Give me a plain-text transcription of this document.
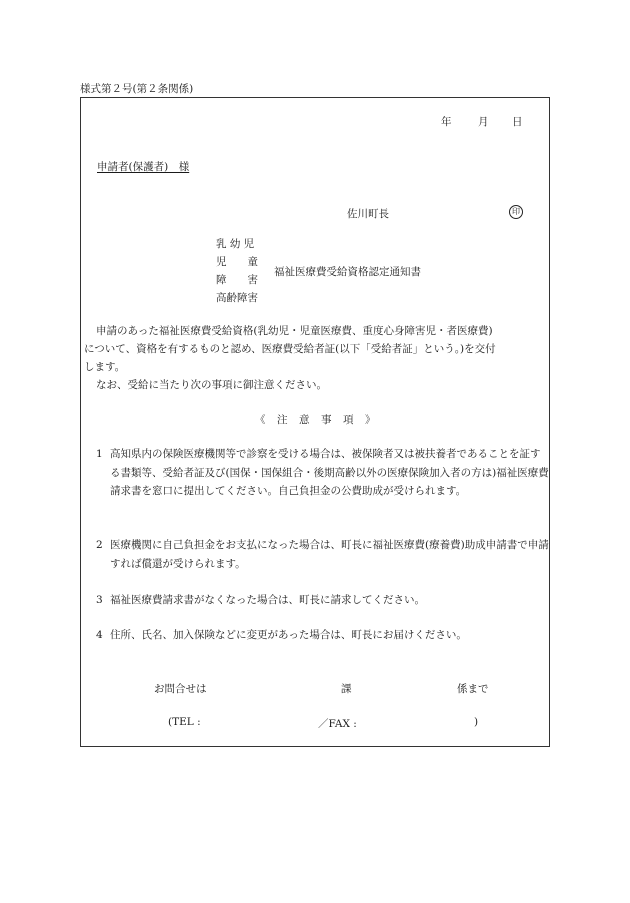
様式第２号(第２条関係)
年	月 日
申請者(保護者)　様
佐川町長	印
乳 幼 児
児　　童
障　　害
高齢障害
福祉医療費受給資格認定通知書
申請のあった福祉医療費受給資格(乳幼児・児童医療費、重度心身障害児・者医療費)
について、資格を有するものと認め、医療費受給者証(以下「受給者証」という。)を交付
します。
なお、受給に当たり次の事項に御注意ください。
《　注　意　事　項　》
1 高知県内の保険医療機関等で診察を受ける場合は、被保険者又は被扶養者であることを証する書類等、受給者証及び(国保・国保組合・後期高齢以外の医療保険加入者の方は)福祉医療費請求書を窓口に提出してください。自己負担金の公費助成が受けられます。
2 医療機関に自己負担金をお支払になった場合は、町長に福祉医療費(療養費)助成申請書で申請すれば償還が受けられます。
3 福祉医療費請求書がなくなった場合は、町長に請求してください。
4 住所、氏名、加入保険などに変更があった場合は、町長にお届けください。
お問合せは	課	係まで
(TEL :	／FAX :	)
